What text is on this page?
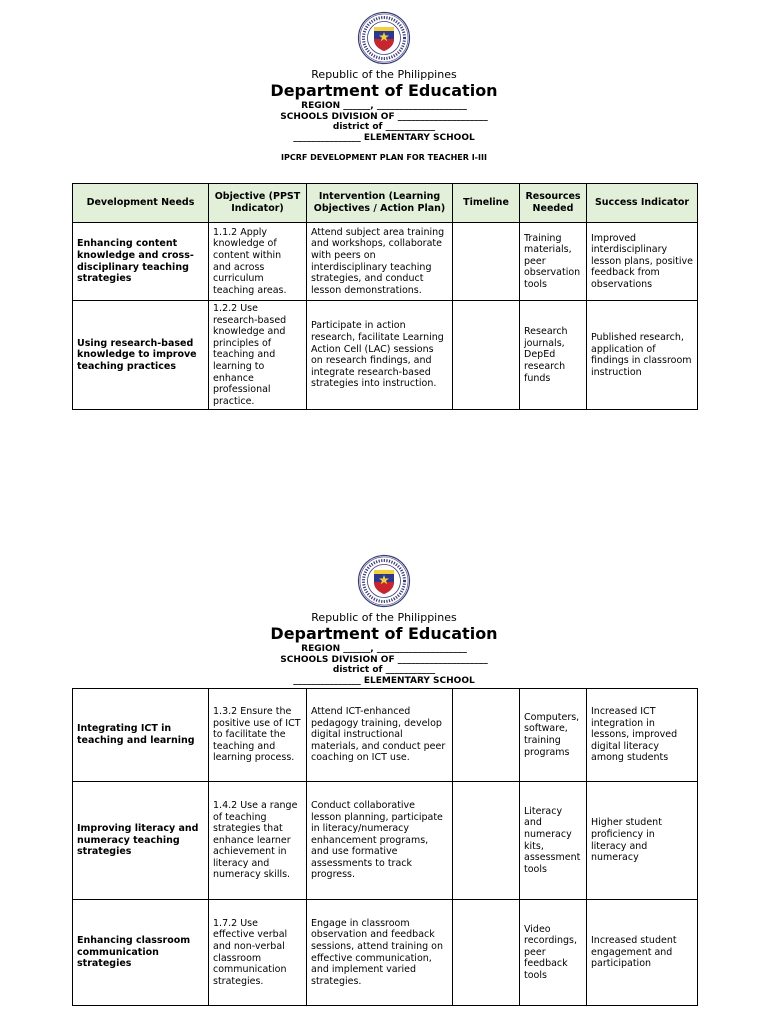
Republic of the Philippines
Department of Education
REGION ______, ____________________
SCHOOLS DIVISION OF ____________________
district of ___________
_______________ ELEMENTARY SCHOOL
IPCRF DEVELOPMENT PLAN FOR TEACHER I-III
Development Needs	Objective (PPST Indicator)	Intervention (Learning Objectives / Action Plan)	Timeline	Resources Needed	Success Indicator
Enhancing content knowledge and cross-disciplinary teaching strategies	1.1.2 Apply knowledge of content within and across curriculum teaching areas.	Attend subject area training and workshops, collaborate with peers on interdisciplinary teaching strategies, and conduct lesson demonstrations.		Training materials, peer observation tools	Improved interdisciplinary lesson plans, positive feedback from observations
Using research-based knowledge to improve teaching practices	1.2.2 Use research-based knowledge and principles of teaching and learning to enhance professional practice.	Participate in action research, facilitate Learning Action Cell (LAC) sessions on research findings, and integrate research-based strategies into instruction.		Research journals, DepEd research funds	Published research, application of findings in classroom instruction
Republic of the Philippines
Department of Education
REGION ______, ____________________
SCHOOLS DIVISION OF ____________________
district of ___________
_______________ ELEMENTARY SCHOOL
Integrating ICT in teaching and learning	1.3.2 Ensure the positive use of ICT to facilitate the teaching and learning process.	Attend ICT-enhanced pedagogy training, develop digital instructional materials, and conduct peer coaching on ICT use.		Computers, software, training programs	Increased ICT integration in lessons, improved digital literacy among students
Improving literacy and numeracy teaching strategies	1.4.2 Use a range of teaching strategies that enhance learner achievement in literacy and numeracy skills.	Conduct collaborative lesson planning, participate in literacy/numeracy enhancement programs, and use formative assessments to track progress.		Literacy and numeracy kits, assessment tools	Higher student proficiency in literacy and numeracy
Enhancing classroom communication strategies	1.7.2 Use effective verbal and non-verbal classroom communication strategies.	Engage in classroom observation and feedback sessions, attend training on effective communication, and implement varied strategies.		Video recordings, peer feedback tools	Increased student engagement and participation
